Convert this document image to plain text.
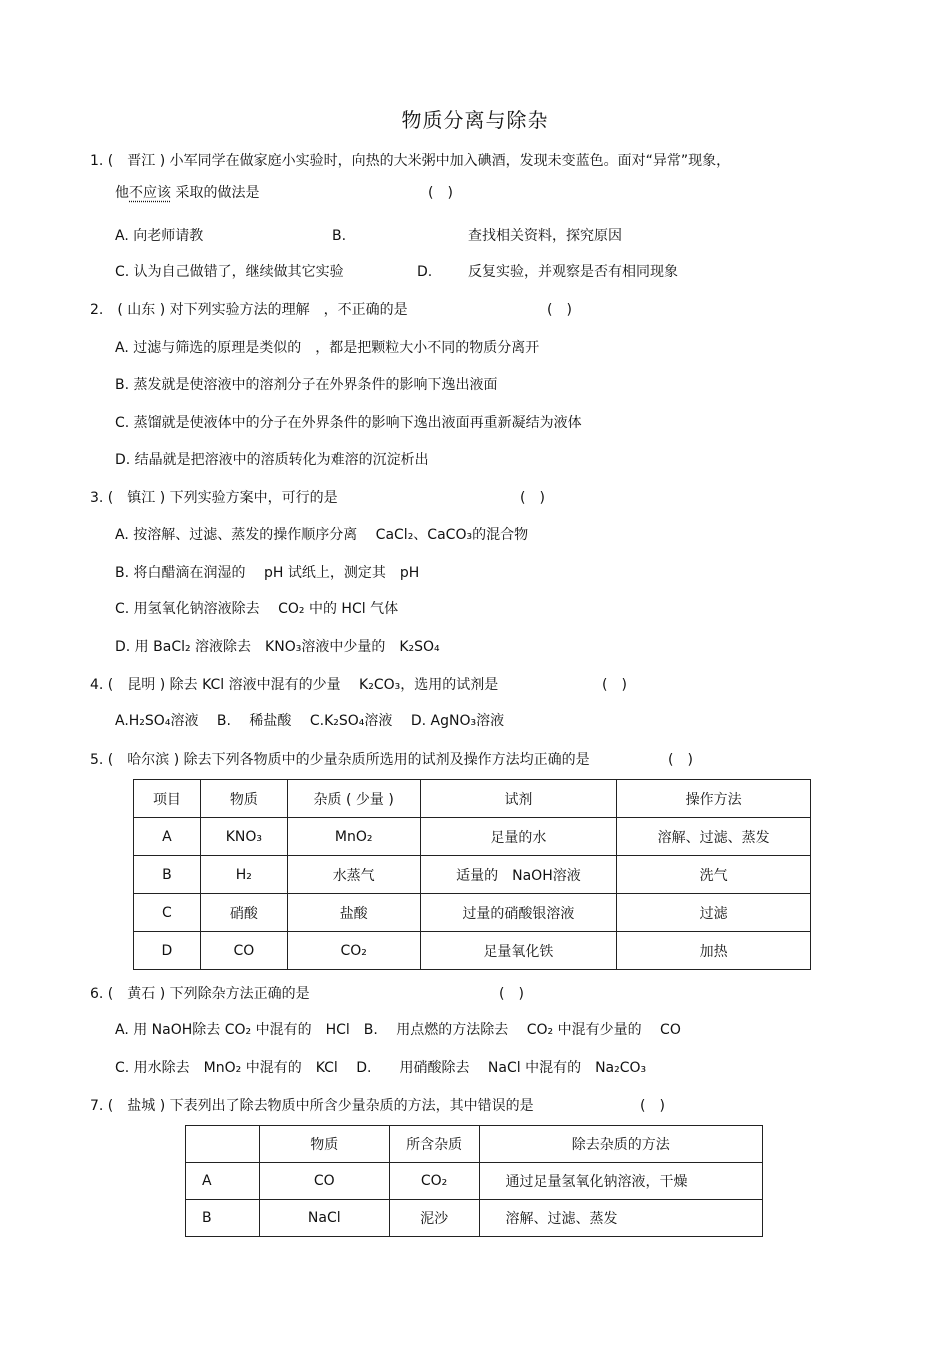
物质分离与除杂
1. (　晋江 ) 小军同学在做家庭小实验时，向热的大米粥中加入碘酒，发现未变蓝色。面对“异常”现象，
他不应该 采取的做法是	(　)
A. 向老师请教	B.	查找相关资料，探究原因
C. 认为自己做错了，继续做其它实验	D.	反复实验，并观察是否有相同现象
2.　( 山东 ) 对下列实验方法的理解　，不正确的是	(　)
A. 过滤与筛选的原理是类似的　，都是把颗粒大小不同的物质分离开
B. 蒸发就是使溶液中的溶剂分子在外界条件的影响下逸出液面
C. 蒸馏就是使液体中的分子在外界条件的影响下逸出液面再重新凝结为液体
D. 结晶就是把溶液中的溶质转化为难溶的沉淀析出
3. (　镇江 ) 下列实验方案中，可行的是	(　)
A. 按溶解、过滤、蒸发的操作顺序分离　 CaCl₂、CaCO₃的混合物
B. 将白醋滴在润湿的　 pH 试纸上，测定其　pH
C. 用氢氧化钠溶液除去　 CO₂ 中的 HCl 气体
D. 用 BaCl₂ 溶液除去　KNO₃溶液中少量的　K₂SO₄
4. (　昆明 ) 除去 KCl 溶液中混有的少量　 K₂CO₃，选用的试剂是	(　)
A.H₂SO₄溶液　 B.　 稀盐酸　 C.K₂SO₄溶液　 D. AgNO₃溶液
5. (　哈尔滨 ) 除去下列各物质中的少量杂质所选用的试剂及操作方法均正确的是	(　)
项目	物质	杂质 ( 少量 )	试剂	操作方法
A	KNO₃	MnO₂	足量的水	溶解、过滤、蒸发
B	H₂	水蒸气	适量的　NaOH溶液	洗气
C	硝酸	盐酸	过量的硝酸银溶液	过滤
D	CO	CO₂	足量氧化铁	加热
6. (　黄石 ) 下列除杂方法正确的是	(　)
A. 用 NaOH除去 CO₂ 中混有的　HCl　B.　 用点燃的方法除去　 CO₂ 中混有少量的　 CO
C. 用水除去　MnO₂ 中混有的　KCl　 D.　　用硝酸除去　 NaCl 中混有的　Na₂CO₃
7. (　盐城 ) 下表列出了除去物质中所含少量杂质的方法，其中错误的是	(　)
	物质	所含杂质	除去杂质的方法
A	CO	CO₂	通过足量氢氧化钠溶液，干燥
B	NaCl	泥沙	溶解、过滤、蒸发
